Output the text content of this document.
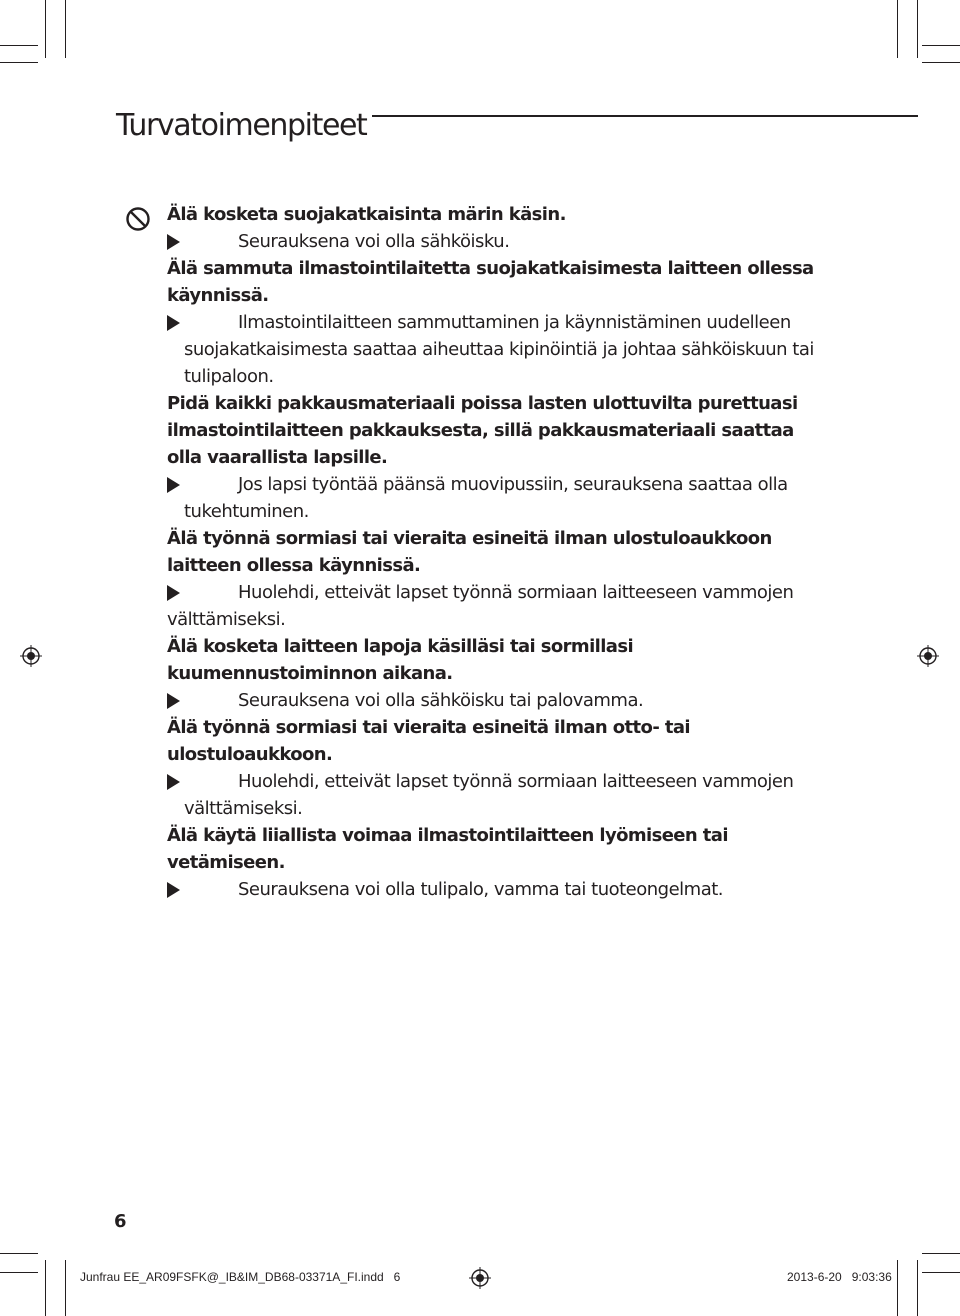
Turvatoimenpiteet

Älä kosketa suojakatkaisinta märin käsin.

Seurauksena voi olla sähköisku.

Älä sammuta ilmastointilaitetta suojakatkaisimesta laitteen ollessa käynnissä.

Ilmastointilaitteen sammuttaminen ja käynnistäminen uudelleen suojakatkaisimesta saattaa aiheuttaa kipinöintiä ja johtaa sähköiskuun tai tulipaloon.

Pidä kaikki pakkausmateriaali poissa lasten ulottuvilta purettuasi ilmastointilaitteen pakkauksesta, sillä pakkausmateriaali saattaa olla vaarallista lapsille.

Jos lapsi työntää päänsä muovipussiin, seurauksena saattaa olla tukehtuminen.

Älä työnnä sormiasi tai vieraita esineitä ilman ulostuloaukkoon laitteen ollessa käynnissä.

Huolehdi, etteivät lapset työnnä sormiaan laitteeseen vammojen välttämiseksi.

Älä kosketa laitteen lapoja käsilläsi tai sormillasi kuumennustoiminnon aikana.

Seurauksena voi olla sähköisku tai palovamma.

Älä työnnä sormiasi tai vieraita esineitä ilman otto- tai ulostuloaukkoon.

Huolehdi, etteivät lapset työnnä sormiaan laitteeseen vammojen välttämiseksi.

Älä käytä liiallista voimaa ilmastointilaitteen lyömiseen tai vetämiseen.

Seurauksena voi olla tulipalo, vamma tai tuoteongelmat.

6
Junfrau EE_AR09FSFK@_IB&IM_DB68-03371A_FI.indd   6	2013-6-20   9:03:36
